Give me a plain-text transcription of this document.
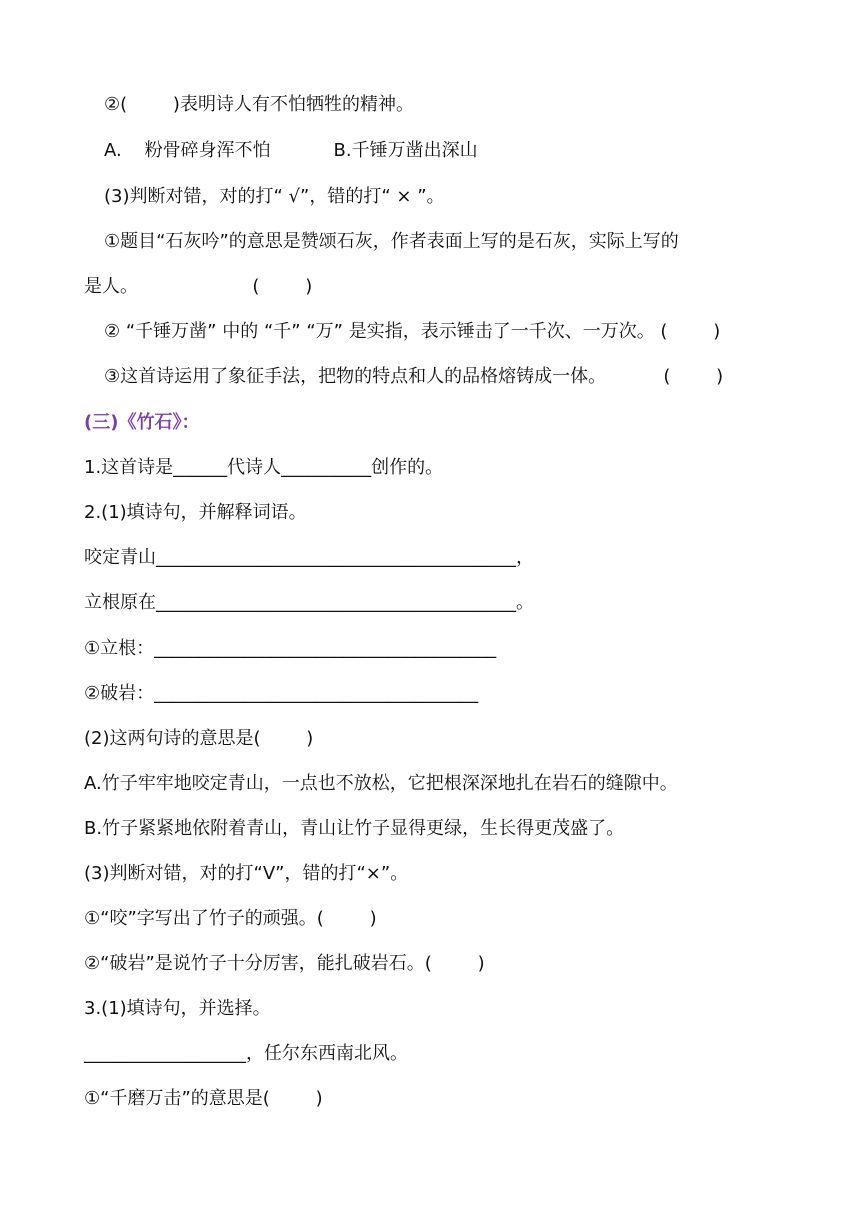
②(        )表明诗人有不怕牺牲的精神。
A.    粉骨碎身浑不怕           B.千锤万凿出深山
(3)判断对错，对的打“ √”，错的打“ × ”。
①题目“石灰吟”的意思是赞颂石灰，作者表面上写的是石灰，实际上写的
是人。                    (        )
② “千锤万凿” 中的 “千” “万” 是实指，表示锤击了一千次、一万次。 (        )
③这首诗运用了象征手法，把物的特点和人的品格熔铸成一体。          (        )
(三)《竹石》：
1.这首诗是______代诗人__________创作的。
2.(1)填诗句，并解释词语。
咬定青山________________________________________，
立根原在________________________________________。
①立根：______________________________________
②破岩：____________________________________
(2)这两句诗的意思是(        )
A.竹子牢牢地咬定青山，一点也不放松，它把根深深地扎在岩石的缝隙中。
B.竹子紧紧地依附着青山，青山让竹子显得更绿，生长得更茂盛了。
(3)判断对错，对的打“V”，错的打“×”。
①“咬”字写出了竹子的顽强。(        )
②“破岩”是说竹子十分厉害，能扎破岩石。(        )
3.(1)填诗句，并选择。
__________________，任尔东西南北风。
①“千磨万击”的意思是(        )
